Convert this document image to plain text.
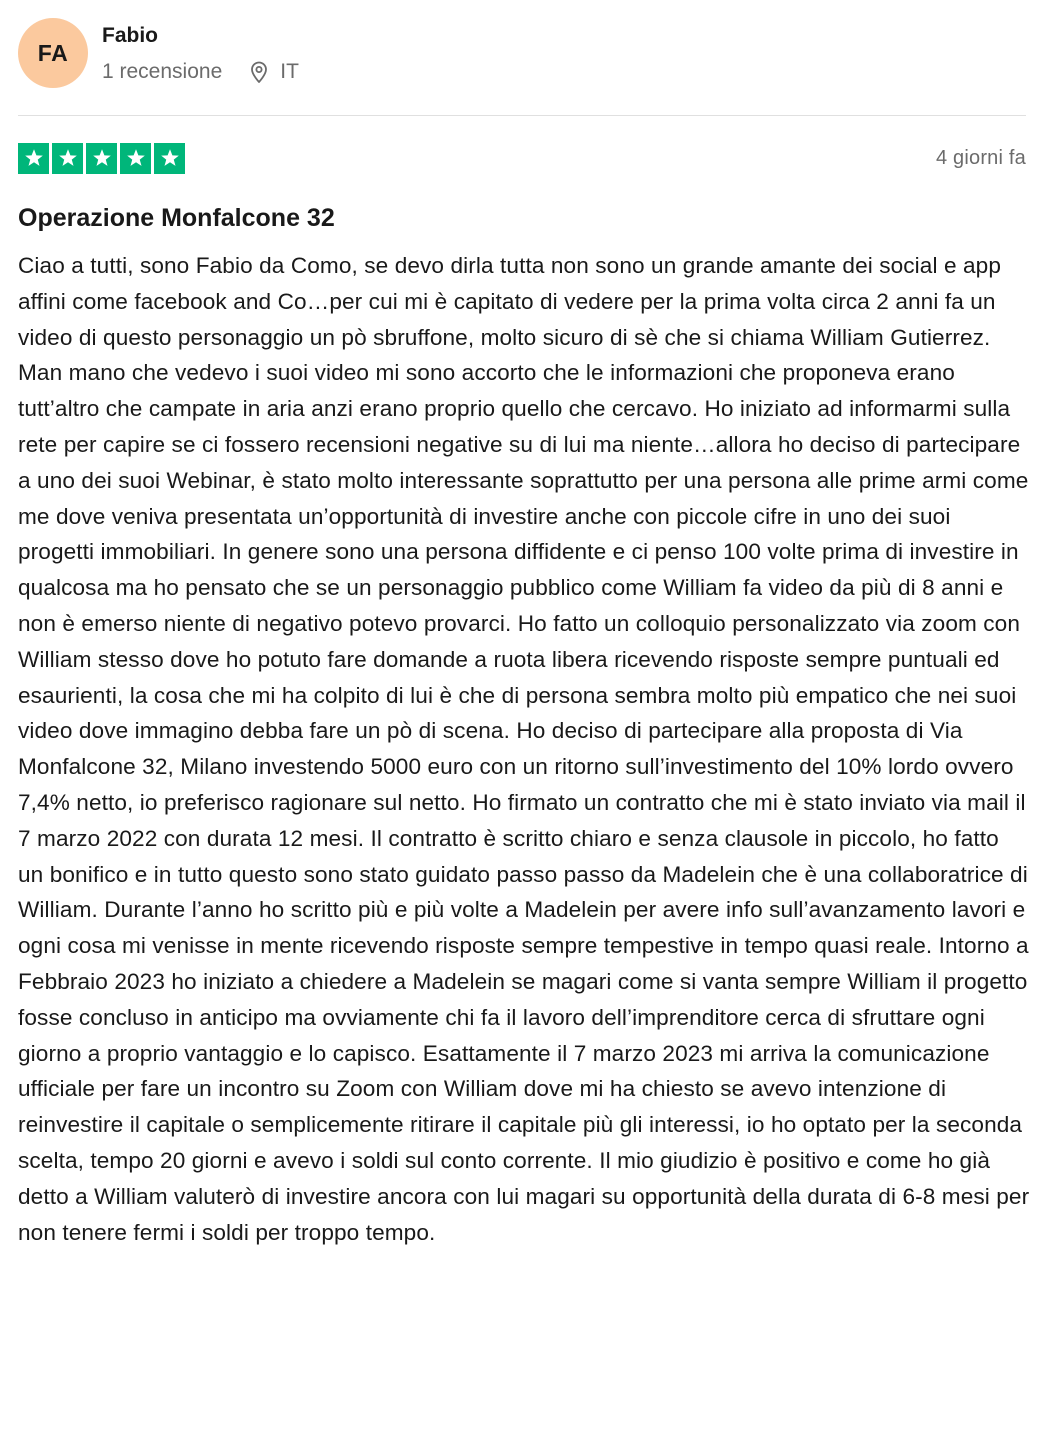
FA
Fabio
1 recensione	IT
4 giorni fa
Operazione Monfalcone 32

Ciao a tutti, sono Fabio da Como, se devo dirla tutta non sono un grande amante dei social e app affini come facebook and Co…per cui mi è capitato di vedere per la prima volta circa 2 anni fa un video di questo personaggio un pò sbruffone, molto sicuro di sè che si chiama William Gutierrez. Man mano che vedevo i suoi video mi sono accorto che le informazioni che proponeva erano tutt’altro che campate in aria anzi erano proprio quello che cercavo. Ho iniziato ad informarmi sulla rete per capire se ci fossero recensioni negative su di lui ma niente…allora ho deciso di partecipare a uno dei suoi Webinar, è stato molto interessante soprattutto per una persona alle prime armi come me dove veniva presentata un’opportunità di investire anche con piccole cifre in uno dei suoi progetti immobiliari. In genere sono una persona diffidente e ci penso 100 volte prima di investire in qualcosa ma ho pensato che se un personaggio pubblico come William fa video da più di 8 anni e non è emerso niente di negativo potevo provarci. Ho fatto un colloquio personalizzato via zoom con William stesso dove ho potuto fare domande a ruota libera ricevendo risposte sempre puntuali ed esaurienti, la cosa che mi ha colpito di lui è che di persona sembra molto più empatico che nei suoi video dove immagino debba fare un pò di scena. Ho deciso di partecipare alla proposta di Via Monfalcone 32, Milano investendo 5000 euro con un ritorno sull’investimento del 10% lordo ovvero 7,4% netto, io preferisco ragionare sul netto. Ho firmato un contratto che mi è stato inviato via mail il 7 marzo 2022 con durata 12 mesi. Il contratto è scritto chiaro e senza clausole in piccolo, ho fatto un bonifico e in tutto questo sono stato guidato passo passo da Madelein che è una collaboratrice di William. Durante l’anno ho scritto più e più volte a Madelein per avere info sull’avanzamento lavori e ogni cosa mi venisse in mente ricevendo risposte sempre tempestive in tempo quasi reale. Intorno a Febbraio 2023 ho iniziato a chiedere a Madelein se magari come si vanta sempre William il progetto fosse concluso in anticipo ma ovviamente chi fa il lavoro dell’imprenditore cerca di sfruttare ogni giorno a proprio vantaggio e lo capisco. Esattamente il 7 marzo 2023 mi arriva la comunicazione ufficiale per fare un incontro su Zoom con William dove mi ha chiesto se avevo intenzione di reinvestire il capitale o semplicemente ritirare il capitale più gli interessi, io ho optato per la seconda scelta, tempo 20 giorni e avevo i soldi sul conto corrente. Il mio giudizio è positivo e come ho già detto a William valuterò di investire ancora con lui magari su opportunità della durata di 6-8 mesi per non tenere fermi i soldi per troppo tempo.
